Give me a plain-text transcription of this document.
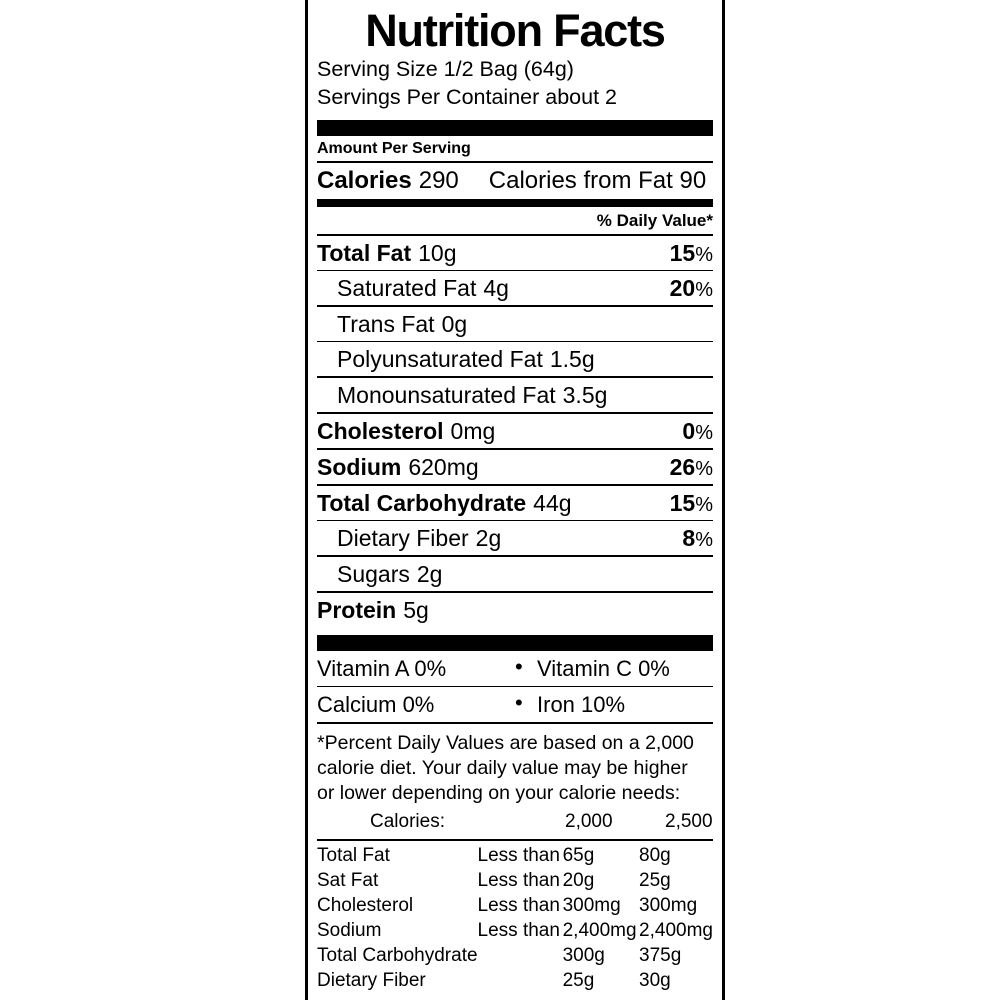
Nutrition Facts
Serving Size 1/2 Bag (64g)
Servings Per Container about 2
Amount Per Serving
Calories 290 Calories from Fat 90
% Daily Value*
Total Fat 10g	15%
Saturated Fat 4g	20%
Trans Fat 0g
Polyunsaturated Fat 1.5g
Monounsaturated Fat 3.5g
Cholesterol 0mg	0%
Sodium 620mg	26%
Total Carbohydrate 44g	15%
Dietary Fiber 2g	8%
Sugars 2g
Protein 5g
Vitamin A 0%	• Vitamin C 0%
Calcium 0%	• Iron 10%
*Percent Daily Values are based on a 2,000
calorie diet. Your daily value may be higher
or lower depending on your calorie needs:
Calories:		2,000	2,500
Total Fat	Less than	65g	80g
Sat Fat	Less than	20g	25g
Cholesterol	Less than	300mg	300mg
Sodium	Less than	2,400mg	2,400mg
Total Carbohydrate		300g	375g
Dietary Fiber		25g	30g
